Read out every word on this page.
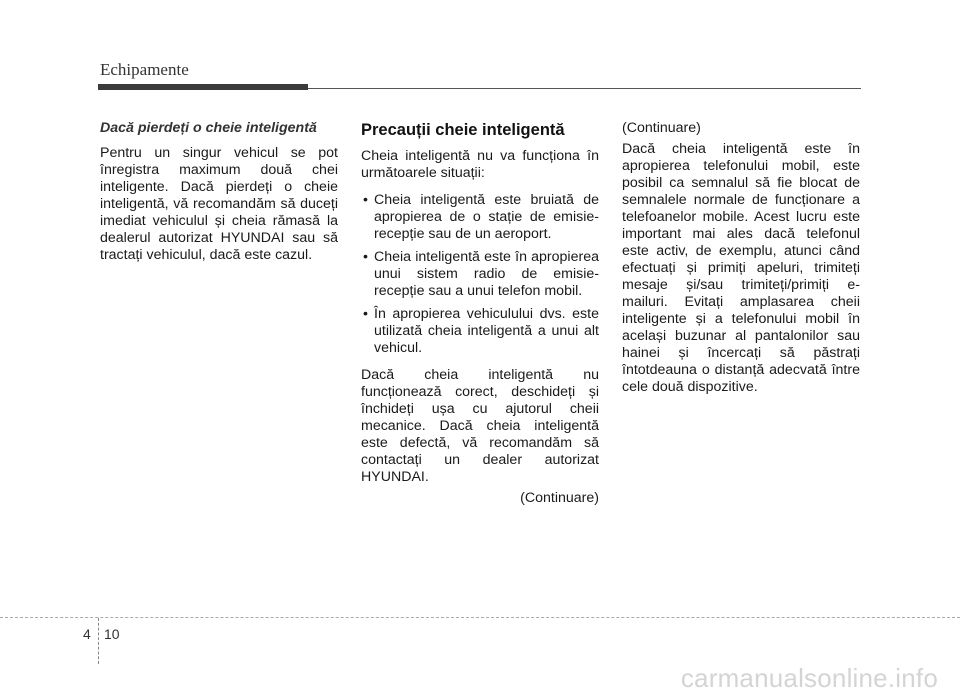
Echipamente

Dacă pierdeți o cheie inteligentă

Pentru un singur vehicul se pot înregistra maximum două chei inteligente. Dacă pierdeți o cheie inteligentă, vă recomandăm să duceți imediat vehiculul și cheia rămasă la dealerul autorizat HYUNDAI sau să tractați vehiculul, dacă este cazul.

Precauții cheie inteligentă

Cheia inteligentă nu va funcționa în următoarele situații:

• Cheia inteligentă este bruiată de apropierea de o stație de emisie-recepție sau de un aeroport.
• Cheia inteligentă este în apropierea unui sistem radio de emisie-recepție sau a unui telefon mobil.
• În apropierea vehiculului dvs. este utilizată cheia inteligentă a unui alt vehicul.

Dacă cheia inteligentă nu funcționează corect, deschideți și închideți ușa cu ajutorul cheii mecanice. Dacă cheia inteligentă este defectă, vă recomandăm să contactați un dealer autorizat HYUNDAI.

(Continuare)

(Continuare)

Dacă cheia inteligentă este în apropierea telefonului mobil, este posibil ca semnalul să fie blocat de semnalele normale de funcționare a telefoanelor mobile. Acest lucru este important mai ales dacă telefonul este activ, de exemplu, atunci când efectuați și primiți apeluri, trimiteți mesaje și/sau trimiteți/primiți e-mailuri. Evitați amplasarea cheii inteligente și a telefonului mobil în același buzunar al pantalonilor sau hainei și încercați să păstrați întotdeauna o distanță adecvată între cele două dispozitive.

4 10
carmanualsonline.info
